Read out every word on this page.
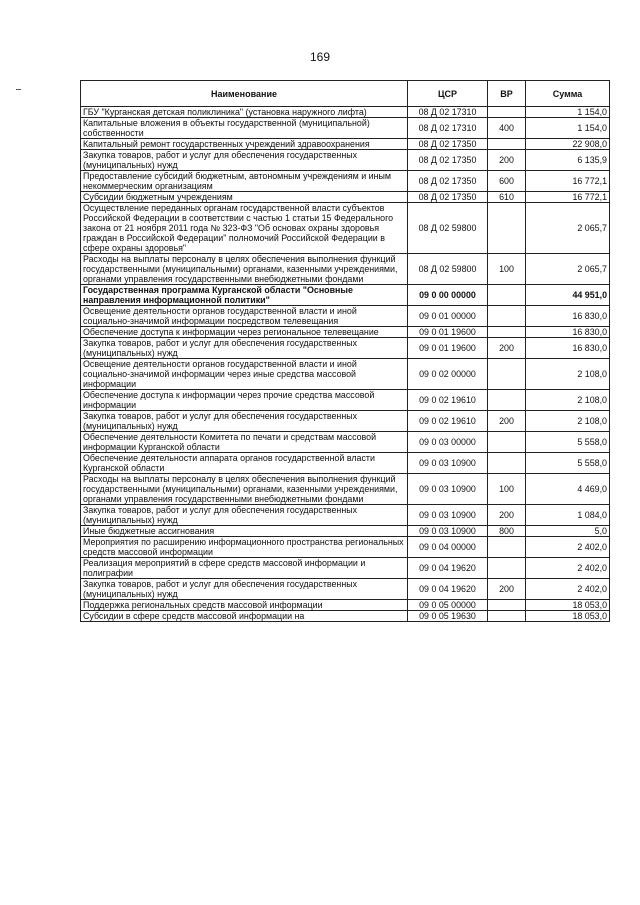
169
Наименование	ЦСР	ВР	Сумма
ГБУ "Курганская детская поликлиника" (установка наружного лифта)	08 Д 02 17310		1 154,0
Капитальные вложения в объекты государственной (муниципальной) собственности	08 Д 02 17310	400	1 154,0
Капитальный ремонт государственных учреждений здравоохранения	08 Д 02 17350		22 908,0
Закупка товаров, работ и услуг для обеспечения государственных (муниципальных) нужд	08 Д 02 17350	200	6 135,9
Предоставление субсидий бюджетным, автономным учреждениям и иным некоммерческим организациям	08 Д 02 17350	600	16 772,1
Субсидии бюджетным учреждениям	08 Д 02 17350	610	16 772,1
Осуществление переданных органам государственной власти субъектов Российской Федерации в соответствии с частью 1 статьи 15 Федерального закона от 21 ноября 2011 года № 323-ФЗ "Об основах охраны здоровья граждан в Российской Федерации" полномочий Российской Федерации в сфере охраны здоровья"	08 Д 02 59800		2 065,7
Расходы на выплаты персоналу в целях обеспечения выполнения функций государственными (муниципальными) органами, казенными учреждениями, органами управления государственными внебюджетными фондами	08 Д 02 59800	100	2 065,7
Государственная программа Курганской области "Основные направления информационной политики"	09 0 00 00000		44 951,0
Освещение деятельности органов государственной власти и иной социально-значимой информации посредством телевещания	09 0 01 00000		16 830,0
Обеспечение доступа к информации через региональное телевещание	09 0 01 19600		16 830,0
Закупка товаров, работ и услуг для обеспечения государственных (муниципальных) нужд	09 0 01 19600	200	16 830,0
Освещение деятельности органов государственной власти и иной социально-значимой информации через иные средства массовой информации	09 0 02 00000		2 108,0
Обеспечение доступа к информации через прочие средства массовой информации	09 0 02 19610		2 108,0
Закупка товаров, работ и услуг для обеспечения государственных (муниципальных) нужд	09 0 02 19610	200	2 108,0
Обеспечение деятельности Комитета по печати и средствам массовой информации Курганской области	09 0 03 00000		5 558,0
Обеспечение деятельности аппарата органов государственной власти Курганской области	09 0 03 10900		5 558,0
Расходы на выплаты персоналу в целях обеспечения выполнения функций государственными (муниципальными) органами, казенными учреждениями, органами управления государственными внебюджетными фондами	09 0 03 10900	100	4 469,0
Закупка товаров, работ и услуг для обеспечения государственных (муниципальных) нужд	09 0 03 10900	200	1 084,0
Иные бюджетные ассигнования	09 0 03 10900	800	5,0
Мероприятия по расширению информационного пространства региональных средств массовой информации	09 0 04 00000		2 402,0
Реализация мероприятий в сфере средств массовой информации и полиграфии	09 0 04 19620		2 402,0
Закупка товаров, работ и услуг для обеспечения государственных (муниципальных) нужд	09 0 04 19620	200	2 402,0
Поддержка региональных средств массовой информации	09 0 05 00000		18 053,0
Субсидии в сфере средств массовой информации на	09 0 05 19630		18 053,0
